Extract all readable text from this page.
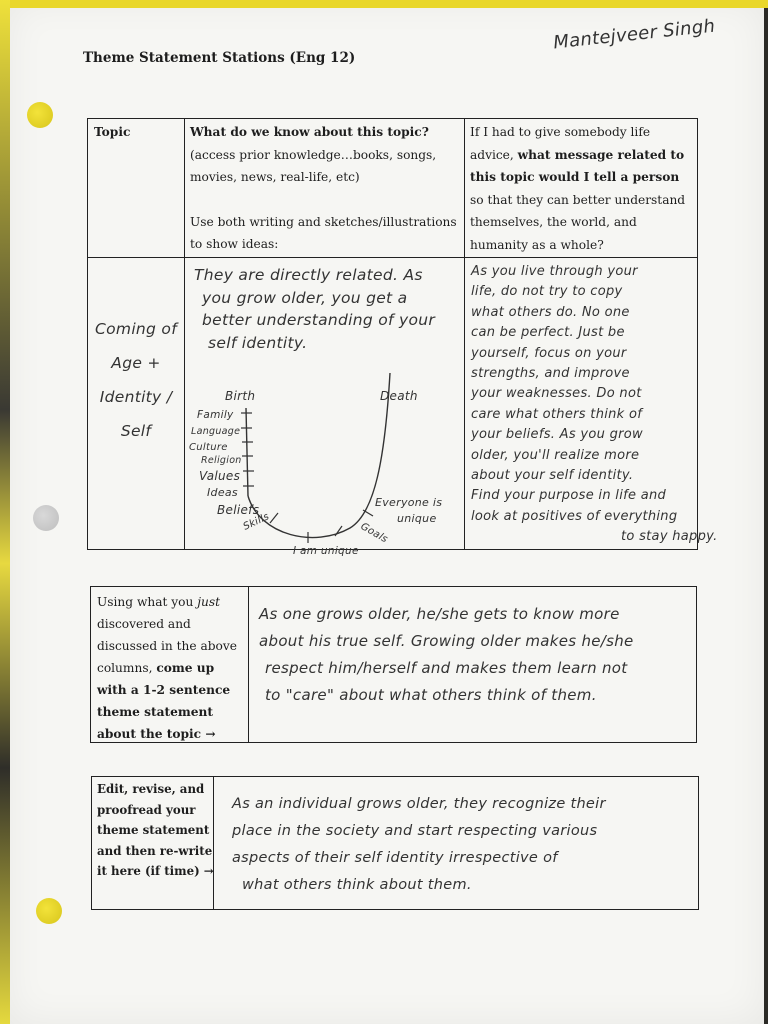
Theme Statement Stations (Eng 12)
Mantejveer Singh
Topic	What do we know about this topic?
(access prior knowledge…books, songs,
movies, news, real-life, etc)
Use both writing and sketches/illustrations
to show ideas:
If I had to give somebody life
advice, what message related to
this topic would I tell a person
so that they can better understand
themselves, the world, and
humanity as a whole?
Coming of
Age +
Identity /
Self
They are directly related. As
you grow older, you get a
better understanding of your
self identity.
Birth	Death
Family
Language
Culture
Religion
Values
Ideas
Beliefs
Skills
I am unique
Goals
Everyone is
unique
As you live through your
life, do not try to copy
what others do. No one
can be perfect. Just be
yourself, focus on your
strengths, and improve
your weaknesses. Do not
care what others think of
your beliefs. As you grow
older, you'll realize more
about your self identity.
Find your purpose in life and
look at positives of everything
to stay happy.
Using what you just
discovered and
discussed in the above
columns, come up
with a 1-2 sentence
theme statement
about the topic →
As one grows older, he/she gets to know more
about his true self. Growing older makes he/she
respect him/herself and makes them learn not
to "care" about what others think of them.
Edit, revise, and
proofread your
theme statement
and then re-write
it here (if time) →
As an individual grows older, they recognize their
place in the society and start respecting various
aspects of their self identity irrespective of
what others think about them.
